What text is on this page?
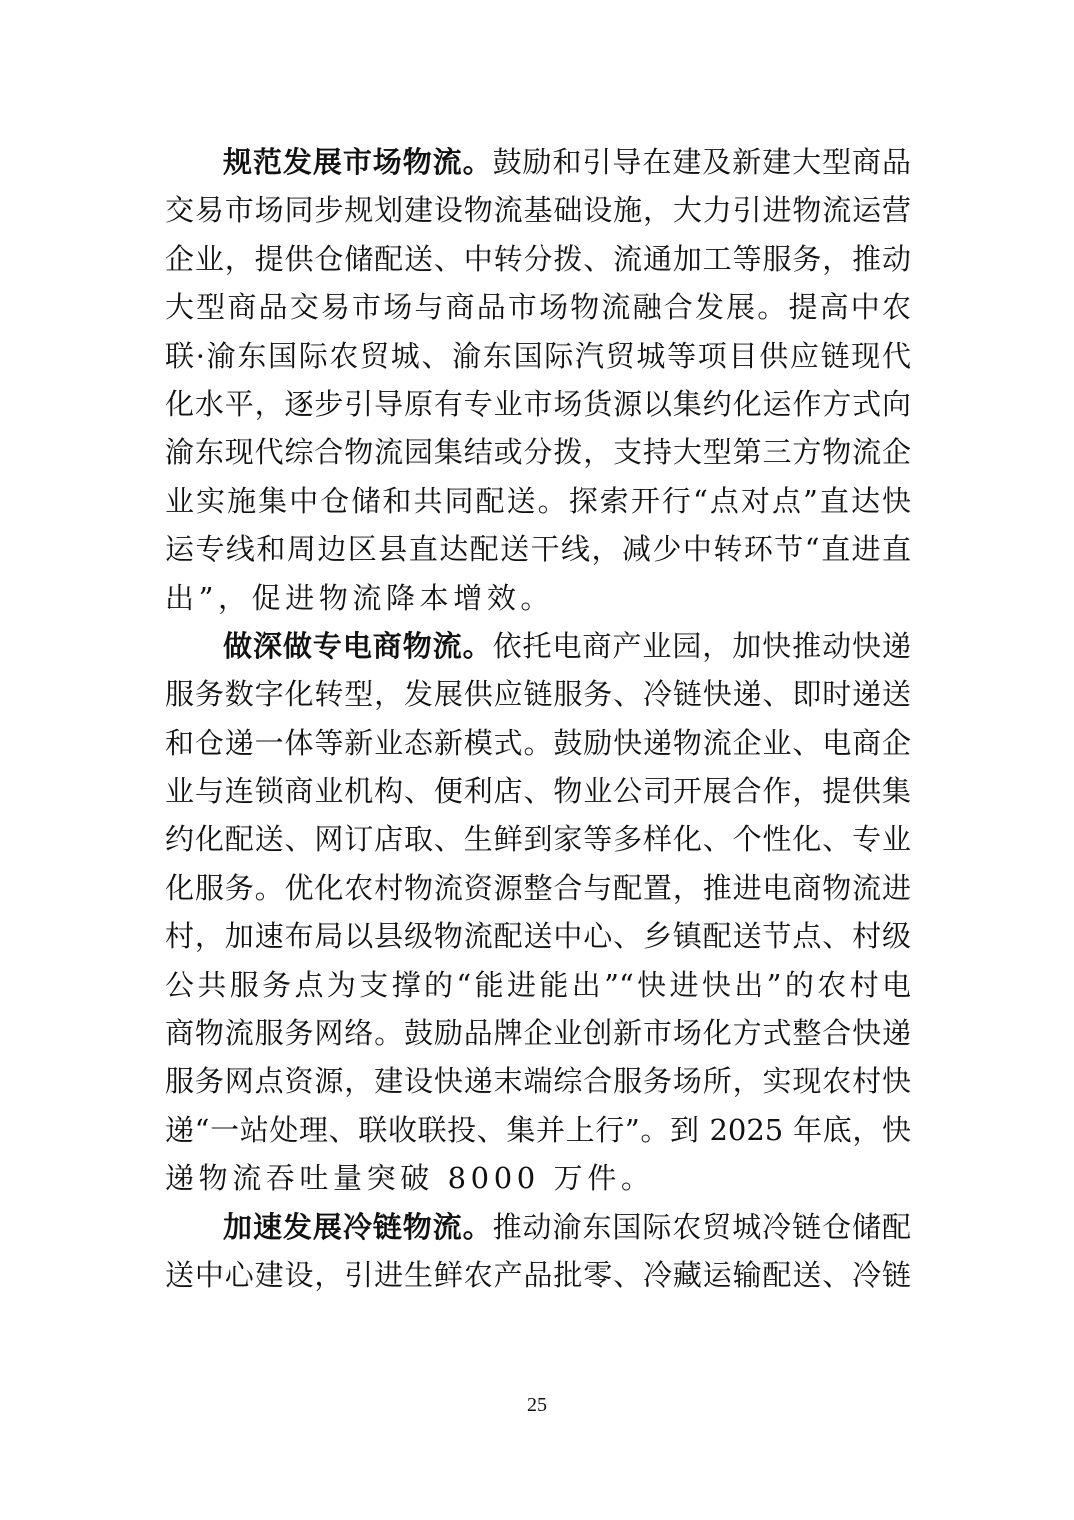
规范发展市场物流。鼓励和引导在建及新建大型商品
交易市场同步规划建设物流基础设施，大力引进物流运营
企业，提供仓储配送、中转分拨、流通加工等服务，推动
大型商品交易市场与商品市场物流融合发展。提高中农
联·渝东国际农贸城、渝东国际汽贸城等项目供应链现代
化水平，逐步引导原有专业市场货源以集约化运作方式向
渝东现代综合物流园集结或分拨，支持大型第三方物流企
业实施集中仓储和共同配送。探索开行“点对点”直达快
运专线和周边区县直达配送干线，减少中转环节“直进直
出”，促进物流降本增效。
做深做专电商物流。依托电商产业园，加快推动快递
服务数字化转型，发展供应链服务、冷链快递、即时递送
和仓递一体等新业态新模式。鼓励快递物流企业、电商企
业与连锁商业机构、便利店、物业公司开展合作，提供集
约化配送、网订店取、生鲜到家等多样化、个性化、专业
化服务。优化农村物流资源整合与配置，推进电商物流进
村，加速布局以县级物流配送中心、乡镇配送节点、村级
公共服务点为支撑的“能进能出”“快进快出”的农村电
商物流服务网络。鼓励品牌企业创新市场化方式整合快递
服务网点资源，建设快递末端综合服务场所，实现农村快
递“一站处理、联收联投、集并上行”。到 2025 年底，快
递物流吞吐量突破 8000 万件。
加速发展冷链物流。推动渝东国际农贸城冷链仓储配
送中心建设，引进生鲜农产品批零、冷藏运输配送、冷链
25
